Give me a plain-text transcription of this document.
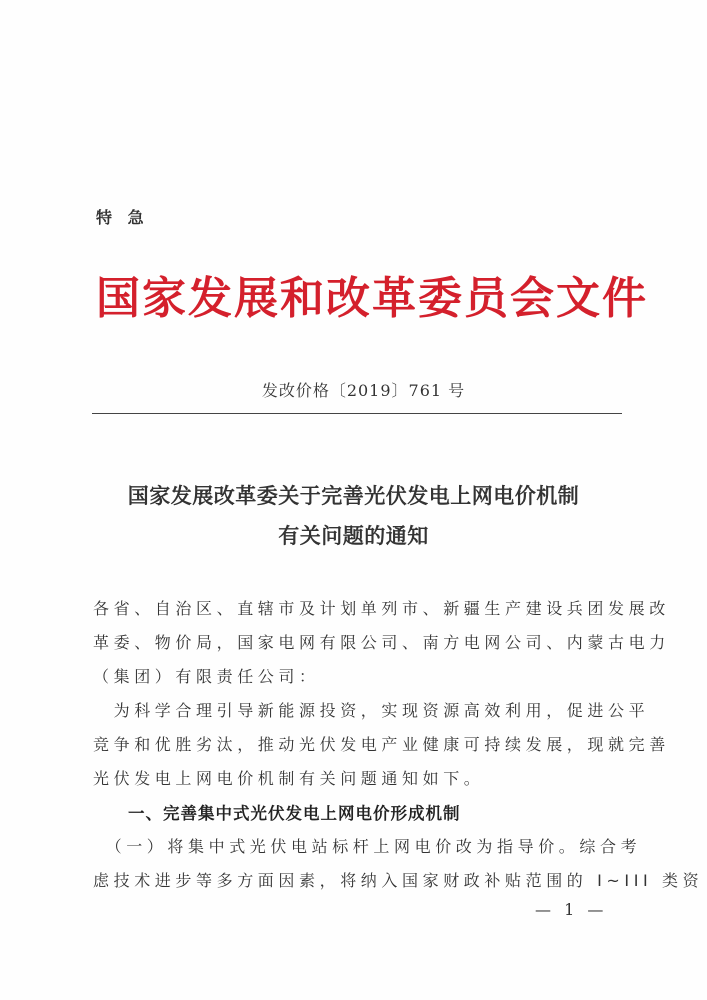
特 急
国家发展和改革委员会文件
发改价格〔2019〕761 号
国家发展改革委关于完善光伏发电上网电价机制
有关问题的通知
各省、自治区、直辖市及计划单列市、新疆生产建设兵团发展改
革委、物价局，国家电网有限公司、南方电网公司、内蒙古电力
（集团）有限责任公司：
　为科学合理引导新能源投资，实现资源高效利用，促进公平
竞争和优胜劣汰，推动光伏发电产业健康可持续发展，现就完善
光伏发电上网电价机制有关问题通知如下。
一、完善集中式光伏发电上网电价形成机制
　（一）将集中式光伏电站标杆上网电价改为指导价。综合考
虑技术进步等多方面因素，将纳入国家财政补贴范围的 I~III 类资
— 1 —
